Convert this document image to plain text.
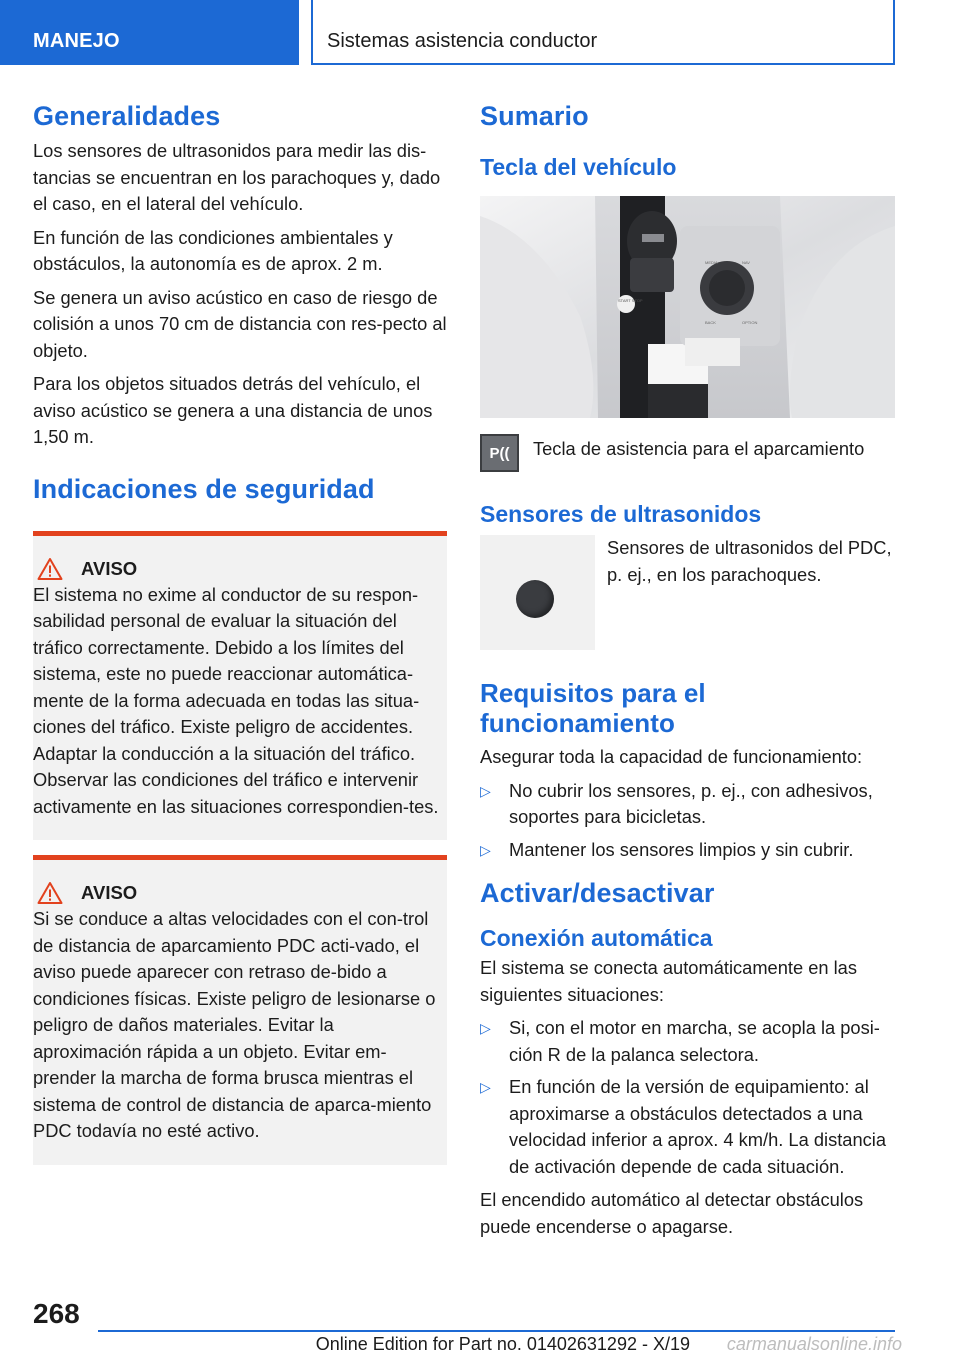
MANEJO	Sistemas asistencia conductor
Generalidades

Los sensores de ultrasonidos para medir las dis‐tancias se encuentran en los parachoques y, dado el caso, en el lateral del vehículo.

En función de las condiciones ambientales y obstáculos, la autonomía es de aprox. 2 m.

Se genera un aviso acústico en caso de riesgo de colisión a unos 70 cm de distancia con res‐pecto al objeto.

Para los objetos situados detrás del vehículo, el aviso acústico se genera a una distancia de unos 1,50 m.

Indicaciones de seguridad
AVISO

El sistema no exime al conductor de su respon‐sabilidad personal de evaluar la situación del tráfico correctamente. Debido a los límites del sistema, este no puede reaccionar automática‐mente de la forma adecuada en todas las situa‐ciones del tráfico. Existe peligro de accidentes. Adaptar la conducción a la situación del tráfico. Observar las condiciones del tráfico e intervenir activamente en las situaciones correspondien‐tes.

AVISO

Si se conduce a altas velocidades con el con‐trol de distancia de aparcamiento PDC acti‐vado, el aviso puede aparecer con retraso de‐bido a condiciones físicas. Existe peligro de lesionarse o peligro de daños materiales. Evitar la aproximación rápida a un objeto. Evitar em‐prender la marcha de forma brusca mientras el sistema de control de distancia de aparca‐miento PDC todavía no esté activo.

Sumario
Tecla del vehículo
START STOP
MEDIA	NAV
BACK	OPTION
P((	Tecla de asistencia para el aparcamiento
Sensores de ultrasonidos

Sensores de ultrasonidos del PDC, p. ej., en los parachoques.

Requisitos para el funcionamiento

Asegurar toda la capacidad de funcionamiento:

▷ No cubrir los sensores, p. ej., con adhesivos, soportes para bicicletas.
▷ Mantener los sensores limpios y sin cubrir.
Activar/desactivar
Conexión automática

El sistema se conecta automáticamente en las siguientes situaciones:

▷ Si, con el motor en marcha, se acopla la posi‐ción R de la palanca selectora.
▷ En función de la versión de equipamiento: al aproximarse a obstáculos detectados a una velocidad inferior a aprox. 4 km/h. La distancia de activación depende de cada situación.

El encendido automático al detectar obstáculos puede encenderse o apagarse.

268
Online Edition for Part no. 01402631292 - X/19 carmanualsonline.info
